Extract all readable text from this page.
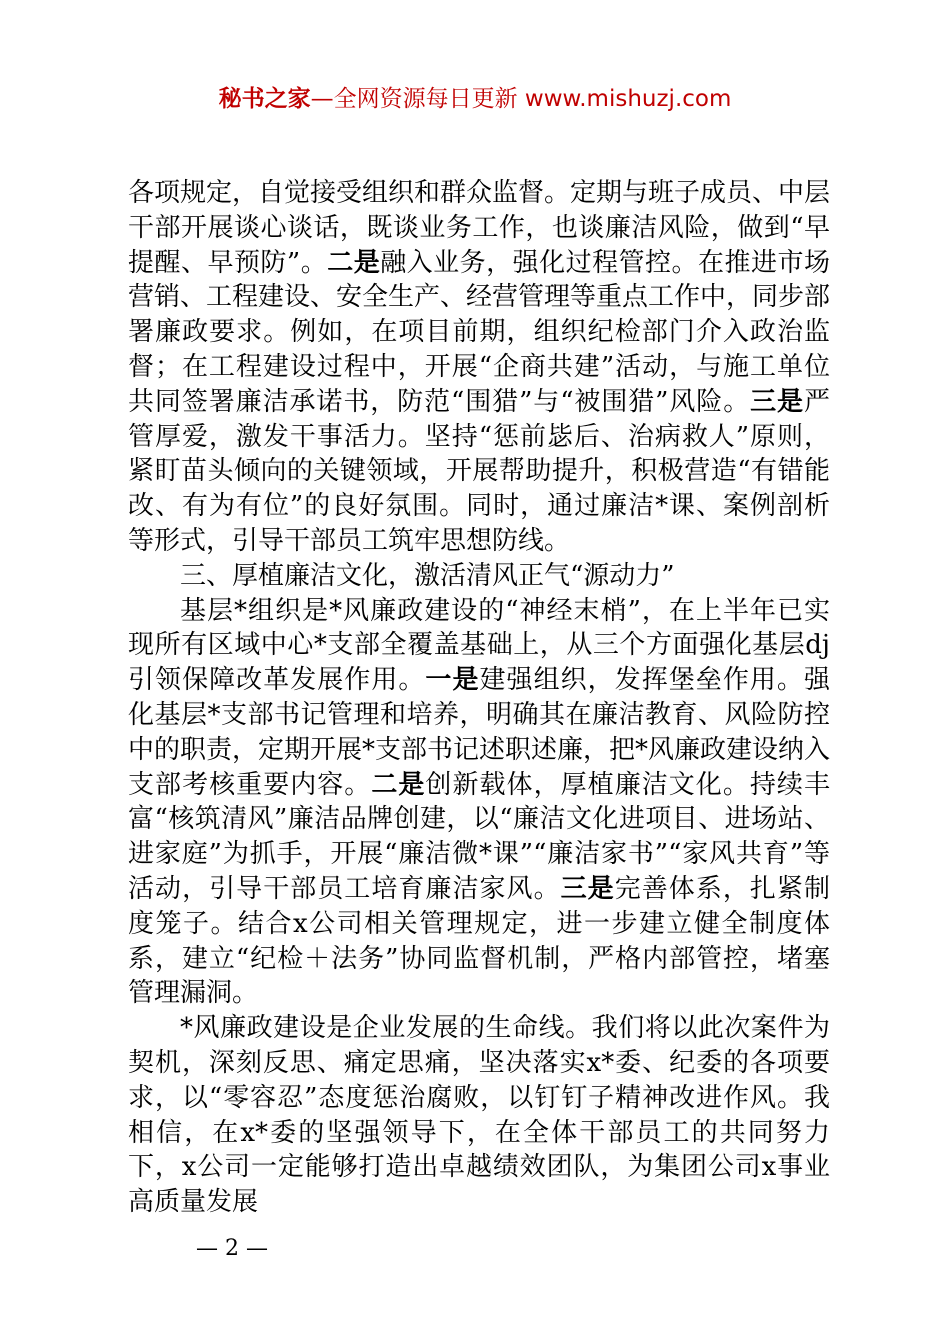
秘书之家—全网资源每日更新 www.mishuzj.com

各项规定，自觉接受组织和群众监督。定期与班子成员、中层干部开展谈心谈话，既谈业务工作，也谈廉洁风险，做到“早提醒、早预防”。二是融入业务，强化过程管控。在推进市场营销、工程建设、安全生产、经营管理等重点工作中，同步部署廉政要求。例如，在项目前期，组织纪检部门介入政治监督；在工程建设过程中，开展“企商共建”活动，与施工单位共同签署廉洁承诺书，防范“围猎”与“被围猎”风险。三是严管厚爱，激发干事活力。坚持“惩前毖后、治病救人”原则，紧盯苗头倾向的关键领域，开展帮助提升，积极营造“有错能改、有为有位”的良好氛围。同时，通过廉洁*课、案例剖析等形式，引导干部员工筑牢思想防线。

三、厚植廉洁文化，激活清风正气“源动力”

基层*组织是*风廉政建设的“神经末梢”，在上半年已实现所有区域中心*支部全覆盖基础上，从三个方面强化基层dj引领保障改革发展作用。一是建强组织，发挥堡垒作用。强化基层*支部书记管理和培养，明确其在廉洁教育、风险防控中的职责，定期开展*支部书记述职述廉，把*风廉政建设纳入支部考核重要内容。二是创新载体，厚植廉洁文化。持续丰富“核筑清风”廉洁品牌创建，以“廉洁文化进项目、进场站、进家庭”为抓手，开展“廉洁微*课”“廉洁家书”“家风共育”等活动，引导干部员工培育廉洁家风。三是完善体系，扎紧制度笼子。结合x公司相关管理规定，进一步建立健全制度体系，建立“纪检＋法务”协同监督机制，严格内部管控，堵塞管理漏洞。

*风廉政建设是企业发展的生命线。我们将以此次案件为契机，深刻反思、痛定思痛，坚决落实x*委、纪委的各项要求，以“零容忍”态度惩治腐败，以钉钉子精神改进作风。我相信，在x*委的坚强领导下，在全体干部员工的共同努力下，x公司一定能够打造出卓越绩效团队，为集团公司x事业高质量发展

— 2 —
